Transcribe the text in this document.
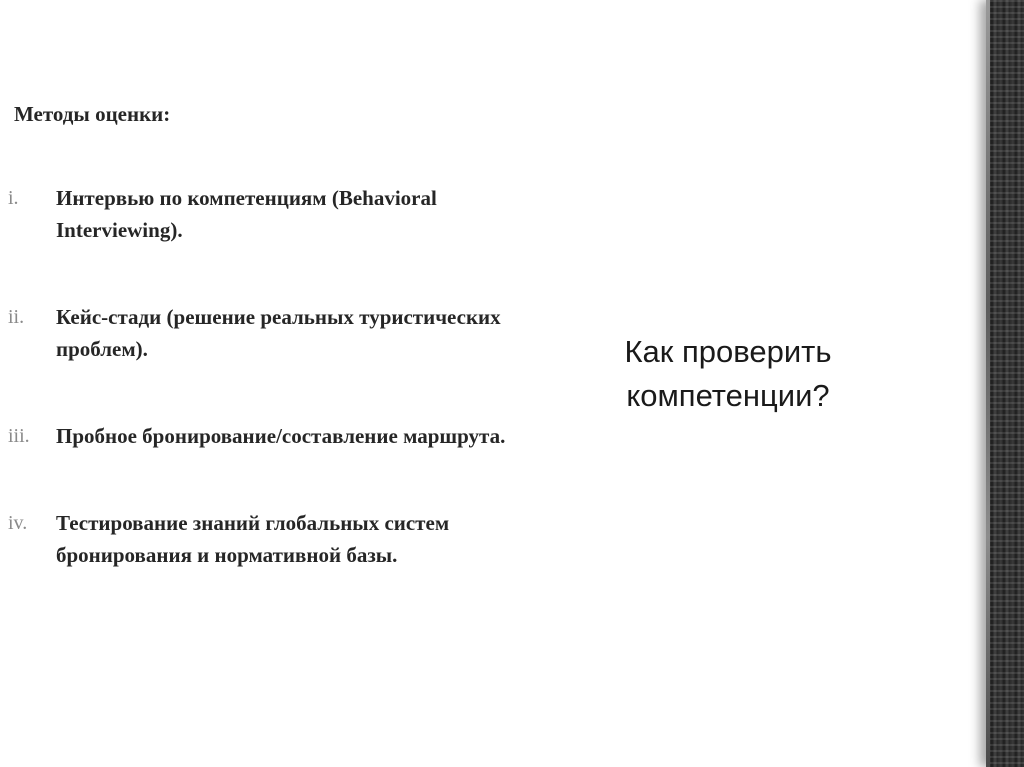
Методы оценки:
i.	Интервью по компетенциям (Behavioral Interviewing).
ii.	Кейс-стади (решение реальных туристических проблем).
iii.	Пробное бронирование/составление маршрута.
iv.	Тестирование знаний глобальных систем бронирования и нормативной базы.
Как проверить
компетенции?
